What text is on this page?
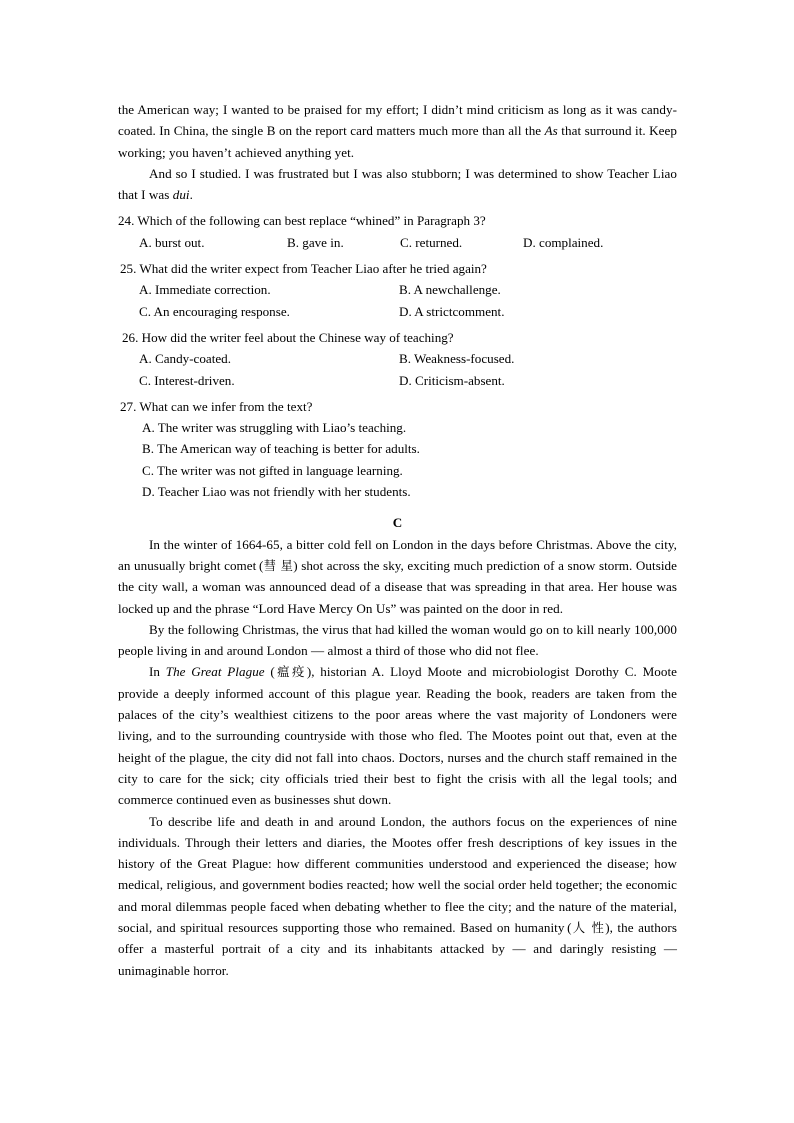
the American way; I wanted to be praised for my effort; I didn’t mind criticism as long as it was candy-coated. In China, the single B on the report card matters much more than all the As that surround it. Keep working; you haven’t achieved anything yet.

And so I studied. I was frustrated but I was also stubborn; I was determined to show Teacher Liao that I was dui.

24. Which of the following can best replace “whined” in Paragraph 3?
A. burst out.	B. gave in.	C. returned.	D. complained.
25. What did the writer expect from Teacher Liao after he tried again?
A. Immediate correction.	B. A newchallenge.
C. An encouraging response.	D. A strictcomment.
26. How did the writer feel about the Chinese way of teaching?
A. Candy-coated.	B. Weakness-focused.
C. Interest-driven.	D. Criticism-absent.
27. What can we infer from the text?
A. The writer was struggling with Liao’s teaching.
B. The American way of teaching is better for adults.
C. The writer was not gifted in language learning.
D. Teacher Liao was not friendly with her students.

C

In the winter of 1664-65, a bitter cold fell on London in the days before Christmas. Above the city, an unusually bright comet (彗 星) shot across the sky, exciting much prediction of a snow storm. Outside the city wall, a woman was announced dead of a disease that was spreading in that area. Her house was locked up and the phrase “Lord Have Mercy On Us” was painted on the door in red.

By the following Christmas, the virus that had killed the woman would go on to kill nearly 100,000 people living in and around London — almost a third of those who did not flee.

In The Great Plague (瘟疫), historian A. Lloyd Moote and microbiologist Dorothy C. Moote provide a deeply informed account of this plague year. Reading the book, readers are taken from the palaces of the city’s wealthiest citizens to the poor areas where the vast majority of Londoners were living, and to the surrounding countryside with those who fled. The Mootes point out that, even at the height of the plague, the city did not fall into chaos. Doctors, nurses and the church staff remained in the city to care for the sick; city officials tried their best to fight the crisis with all the legal tools; and commerce continued even as businesses shut down.

To describe life and death in and around London, the authors focus on the experiences of nine individuals. Through their letters and diaries, the Mootes offer fresh descriptions of key issues in the history of the Great Plague: how different communities understood and experienced the disease; how medical, religious, and government bodies reacted; how well the social order held together; the economic and moral dilemmas people faced when debating whether to flee the city; and the nature of the material, social, and spiritual resources supporting those who remained. Based on humanity (人 性), the authors offer a masterful portrait of a city and its inhabitants attacked by — and daringly resisting — unimaginable horror.
